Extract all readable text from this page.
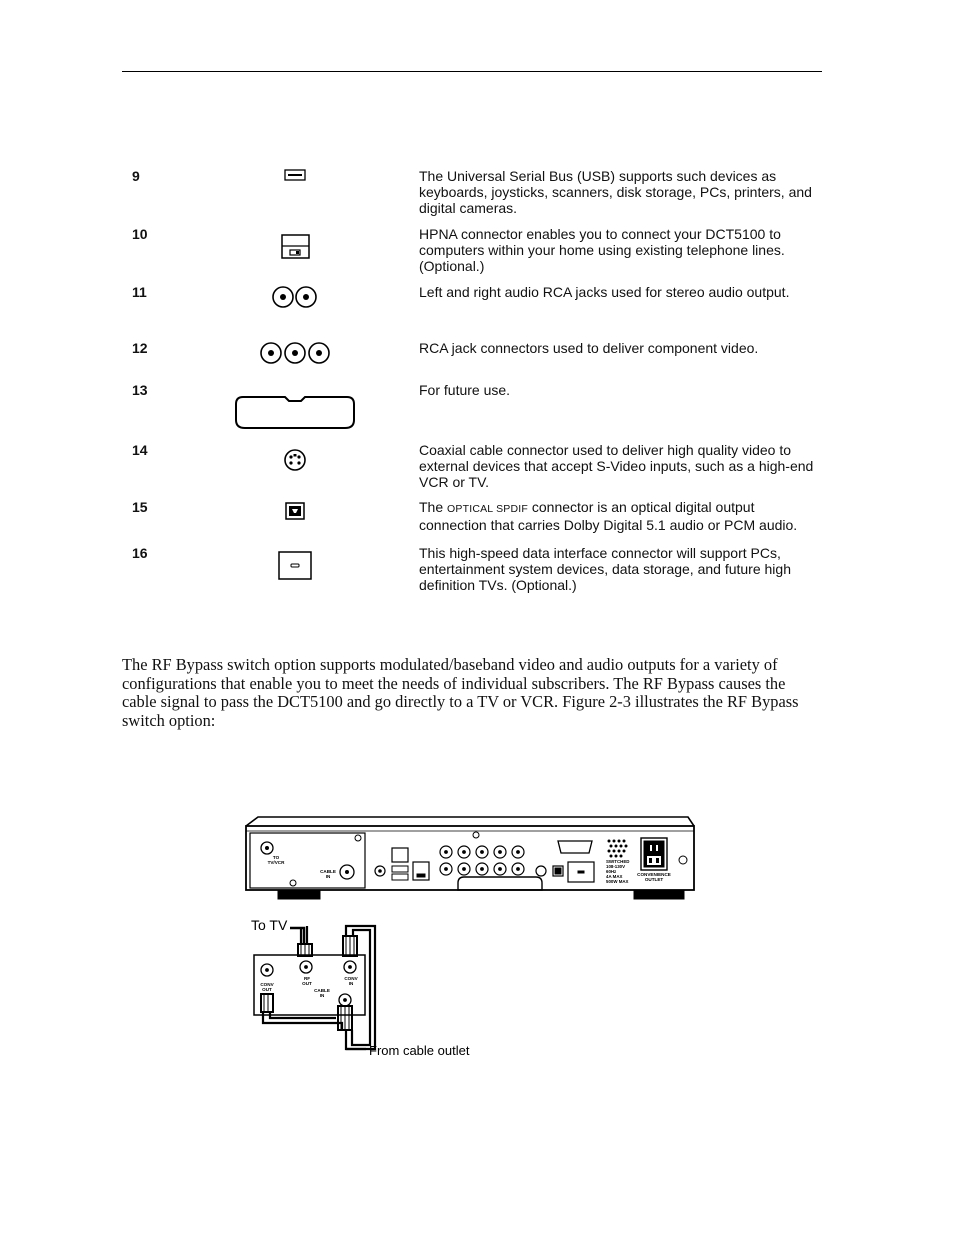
9	The Universal Serial Bus (USB) supports such devices as keyboards, joysticks, scanners, disk storage, PCs, printers, and digital cameras.
10	HPNA connector enables you to connect your DCT5100 to computers within your home using existing telephone lines. (Optional.)
11	Left and right audio RCA jacks used for stereo audio output.
12	RCA jack connectors used to deliver component video.
13	For future use.
14	Coaxial cable connector used to deliver high quality video to external devices that accept S-Video inputs, such as a high-end VCR or TV.
15	The OPTICAL SPDIF connector is an optical digital output connection that carries Dolby Digital 5.1 audio or PCM audio.
16	This high-speed data interface connector will support PCs, entertainment system devices, data storage, and future high definition TVs. (Optional.)
The RF Bypass switch option supports modulated/baseband video and audio outputs for a variety of configurations that enable you to meet the needs of individual subscribers. The RF Bypass causes the cable signal to pass the DCT5100 and go directly to a TV or VCR. Figure 2-3 illustrates the RF Bypass switch option:
TO
TV/VCR
CABLE
IN	CONVENIENCE
OUTLET
SWITCHED
108-130V
60Hz
4A MAX
500W MAX
CONV
OUT
RF
OUT
CONV
IN
CABLE
IN
To TV
From cable outlet
